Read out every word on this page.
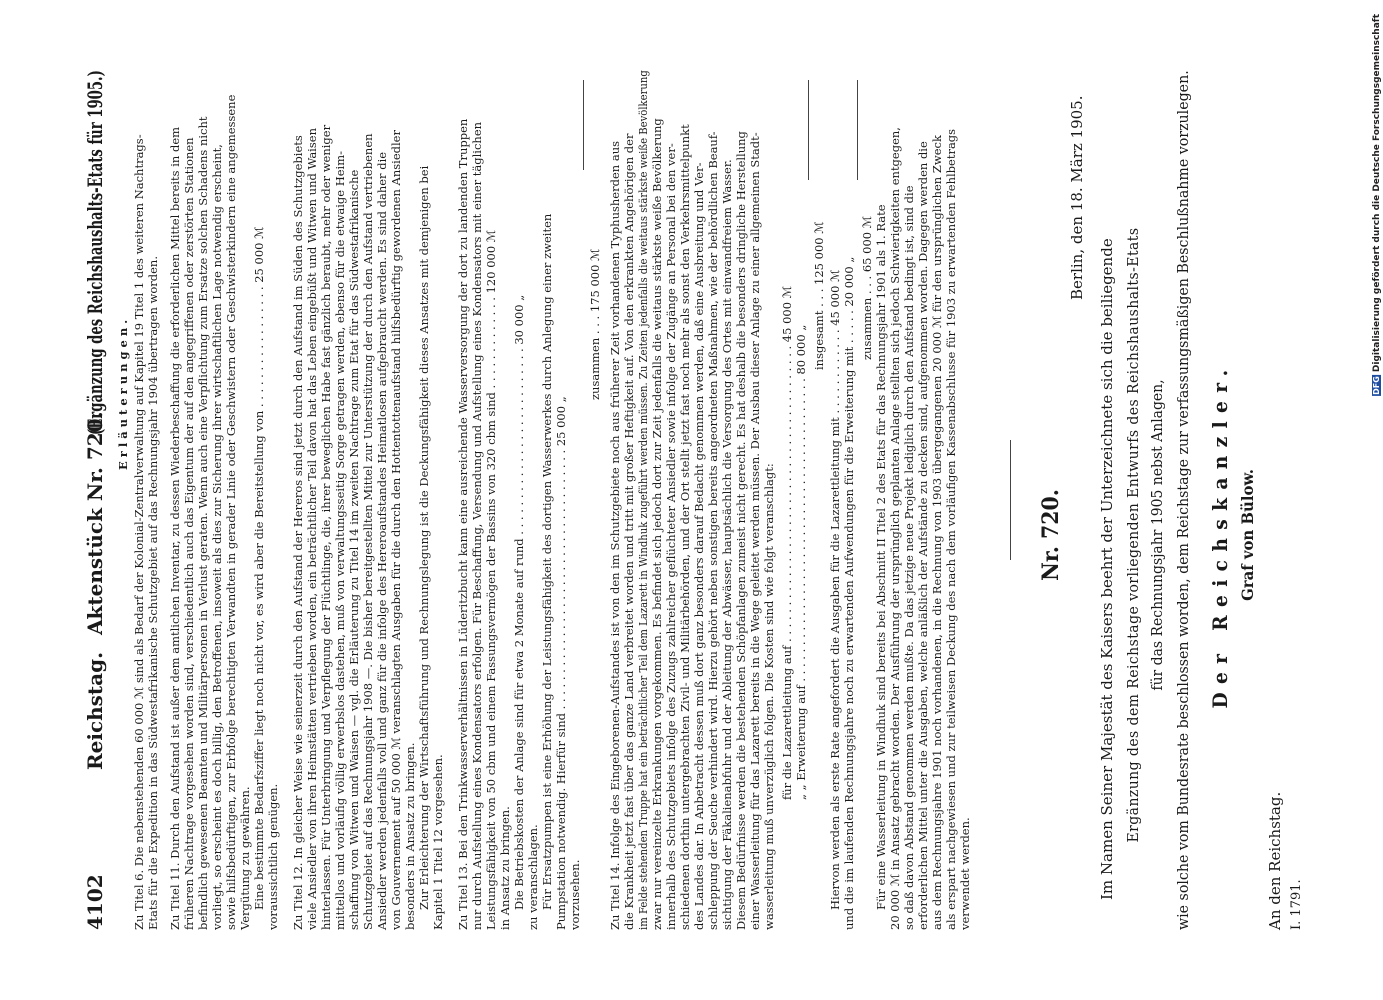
4102
Reichstag.
Aktenstück Nr. 720.
(Ergänzung des Reichshaushalts-Etats für 1905.) E r l ä u t e r u n g e n . Zu Titel 6. Die nebenstehenden 60 000 ℳ sind als Bedarf der Kolonial-Zentralverwaltung auf Kapitel 19 Titel 1 des weiteren Nachtrags- Etats für die Expedition in das Südwestafrikanische Schutzgebiet auf das Rechnungsjahr 1904 übertragen worden. Zu Titel 11. Durch den Aufstand ist außer dem amtlichen Inventar, zu dessen Wiederbeschaffung die erforderlichen Mittel bereits in dem früheren Nachtrage vorgesehen worden sind, verschiedentlich auch das Eigentum der auf den angegriffenen oder zerstörten Stationen befindlich gewesenen Beamten und Militärpersonen in Verlust geraten. Wenn auch eine Verpflichtung zum Ersatze solchen Schadens nicht vorliegt, so erscheint es doch billig, den Betroffenen, insoweit als dies zur Sicherung ihrer wirtschaftlichen Lage notwendig erscheint, sowie hilfsbedürftigen, zur Erbfolge berechtigten Verwandten in gerader Linie oder Geschwistern oder Geschwisterkindern eine angemessene Vergütung zu gewähren. Eine bestimmte Bedarfsziffer liegt noch nicht vor, es wird aber die Bereitstellung von . . . . . . . . . . . . . . . . . 25 000 ℳ voraussichtlich genügen. Zu Titel 12. In gleicher Weise wie seinerzeit durch den Aufstand der Hereros sind jetzt durch den Aufstand im Süden des Schutzgebiets viele Ansiedler von ihren Heimstätten vertrieben worden, ein beträchtlicher Teil davon hat das Leben eingebüßt und Witwen und Waisen hinterlassen. Für Unterbringung und Verpflegung der Flüchtlinge, die, ihrer beweglichen Habe fast gänzlich beraubt, mehr oder weniger mittellos und vorläufig völlig erwerbslos dastehen, muß von verwaltungsseitig Sorge getragen werden, ebenso für die etwaige Heim- schaffung von Witwen und Waisen — vgl. die Erläuterung zu Titel 14 im zweiten Nachtrage zum Etat für das Südwestafrikanische Schutzgebiet auf das Rechnungsjahr 1908 —. Die bisher bereitgestellten Mittel zur Unterstützung der durch den Aufstand vertriebenen Ansiedler werden jedenfalls voll und ganz für die infolge des Hereroaufstandes Heimatlosen aufgebraucht werden. Es sind daher die von Gouvernement auf 50 000 ℳ veranschlagten Ausgaben für die durch den Hottentottenaufstand hilfsbedürftig gewordenen Ansiedler besonders in Ansatz zu bringen. Zur Erleichterung der Wirtschaftsführung und Rechnungslegung ist die Deckungsfähigkeit dieses Ansatzes mit demjenigen bei Kapitel 1 Titel 12 vorgesehen. Zu Titel 13. Bei den Trinkwasserverhältnissen in Lüderitzbucht kann eine ausreichende Wasserversorgung der dort zu landenden Truppen nur durch Aufstellung eines Kondensators erfolgen. Für Beschaffung, Versendung und Aufstellung eines Kondensators mit einer täglichen Leistungsfähigkeit von 50 cbm und einem Fassungsvermögen der Bassins von 320 cbm sind . . . . . . . . . . . . . 120 000 ℳ in Ansatz zu bringen. Die Betriebskosten der Anlage sind für etwa 2 Monate auf rund . . . . . . . . . . . . . . . . . . . . . . . . . . 30 000 „ zu veranschlagen. Für Ersatzpumpen ist eine Erhöhung der Leistungsfähigkeit des dortigen Wasserwerkes durch Anlegung einer zweiten Pumpstation notwendig. Hierfür sind . . . . . . . . . . . . . . . . . . . . . . . . . . . . . . . . . . . . 25 000 „ vorzusehen.
zusammen . . . 175 000 ℳ Zu Titel 14. Infolge des Eingeborenen-Aufstandes ist von den im Schutzgebiete noch aus früherer Zeit vorhandenen Typhusherden aus die Krankheit jetzt fast über das ganze Land verbreitet worden und tritt mit großer Heftigkeit auf. Von den erkrankten Angehörigen der im Felde stehenden Truppe hat ein beträchtlicher Teil dem Lazarett in Windhuk zugeführt werden müssen. Zu Zeiten jedenfalls die weitaus stärkste weiße Bevölkerung zwar nur vereinzelte Erkrankungen vorgekommen. Es befindet sich jedoch dort zur Zeit jedenfalls die weitaus stärkste weiße Bevölkerung innerhalb des Schutzgebiets infolge des Zuzugs zahlreicher geflüchteter Ansiedler sowie infolge der Zugänge an Personal bei den ver- schiedenen dorthin untergebrachten Zivil- und Militärbehörden, und der Ort stellt jetzt fast noch mehr als sonst den Verkehrsmittelpunkt des Landes dar. In Anbetracht dessen muß dort ganz besonders darauf Bedacht genommen werden, daß eine Ausbreitung und Ver- schleppung der Seuche verhindert wird. Hierzu gehört neben sonstigen bereits angeordneten Maßnahmen, wie der behördlichen Beauf- sichtigung der Fäkalienabfuhr und der Ableitung der Abwässer, hauptsächlich die Versorgung des Ortes mit einwandfreiem Wasser. Diesem Bedürfnisse werden die bestehenden Schöpfanlagen zumeist nicht gerecht. Es hat deshalb die besonders dringliche Herstellung einer Wasserleitung für das Lazarett bereits in die Wege geleitet werden müssen. Der Ausbau dieser Anlage zu einer allgemeinen Stadt- wasserleitung muß unverzüglich folgen. Die Kosten sind wie folgt veranschlagt: für die Lazarettleitung auf . . . . . . . . . . . . . . . . . . . . . . . . . . . . . . . . . . . . . . . . . 45 000 ℳ „ „ Erweiterung auf . . . . . . . . . . . . . . . . . . . . . . . . . . . . . . . . . . . . . . . . . . 80 000 „
insgesamt . . . 125 000 ℳ Hiervon werden als erste Rate angefordert die Ausgaben für die Lazarettleitung mit . . . . . . . . . . . . 45 000 ℳ und die im laufenden Rechnungsjahre noch zu erwartenden Aufwendungen für die Erweiterung mit . . . . . 20 000 „ zusammen . . . 65 000 ℳ Für eine Wasserleitung in Windhuk sind bereits bei Abschnitt II Titel 2 des Etats für das Rechnungsjahr 1901 als 1. Rate 20 000 ℳ in Ansatz gebracht worden. Der Ausführung der ursprünglich geplanten Anlage stellten sich jedoch Schwierigkeiten entgegen, so daß davon Abstand genommen werden mußte. Da das jetzige neue Projekt lediglich durch den Aufstand bedingt ist, sind die erforderlichen Mittel unter die Ausgaben, welche anläßlich der Aufstände zu decken sind, aufgenommen worden. Dagegen werden die aus dem Rechnungsjahre 1901 noch vorhandenen, in die Rechnung von 1903 übergegangenen 20 000 ℳ für den ursprünglichen Zweck als erspart nachgewiesen und zur teilweisen Deckung des nach dem vorläufigen Kassenabschlusse für 1903 zu erwartenden Fehlbetrags verwendet werden.
Nr. 720.
Berlin, den 18. März 1905.
Im Namen Seiner Majestät des Kaisers beehrt der Unterzeichnete sich die beiliegende Ergänzung des dem Reichstage vorliegenden Entwurfs des Reichshaushalts-Etats für das Rechnungsjahr 1905 nebst Anlagen, wie solche vom Bundesrate beschlossen worden, dem Reichstage zur verfassungsmäßigen Beschlußnahme vorzulegen. Der Reichskanzler. Graf von Bülow.
An den Reichstag. I. 1791.
DFG Digitalisierung gefördert durch die Deutsche Forschungsgemeinschaft
